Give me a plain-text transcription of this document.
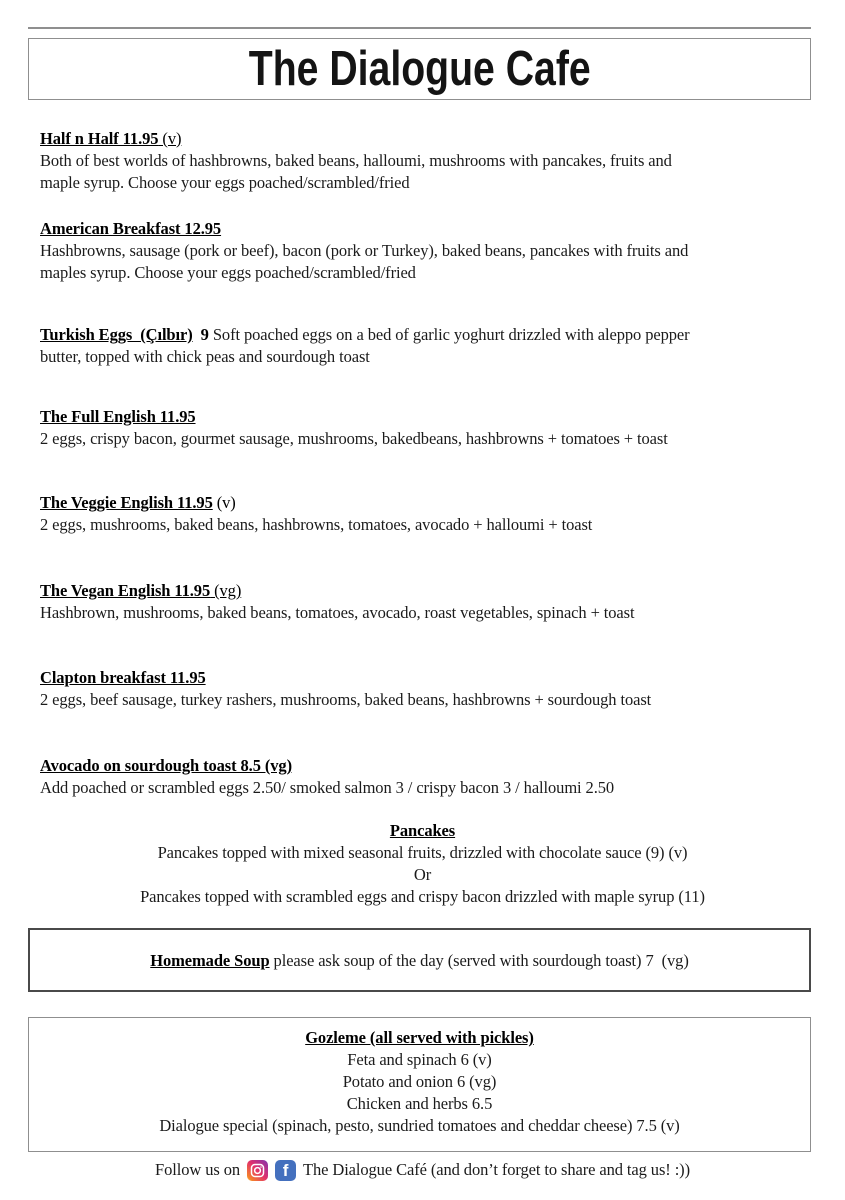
The Dialogue Cafe
Half n Half 11.95 (v)
Both of best worlds of hashbrowns, baked beans, halloumi, mushrooms with pancakes, fruits and
maple syrup. Choose your eggs poached/scrambled/fried
American Breakfast 12.95
Hashbrowns, sausage (pork or beef), bacon (pork or Turkey), baked beans, pancakes with fruits and
maples syrup. Choose your eggs poached/scrambled/fried
Turkish Eggs  (Çılbır)  9 Soft poached eggs on a bed of garlic yoghurt drizzled with aleppo pepper
butter, topped with chick peas and sourdough toast
The Full English 11.95
2 eggs, crispy bacon, gourmet sausage, mushrooms, bakedbeans, hashbrowns + tomatoes + toast
The Veggie English 11.95 (v)
2 eggs, mushrooms, baked beans, hashbrowns, tomatoes, avocado + halloumi + toast
The Vegan English 11.95 (vg)
Hashbrown, mushrooms, baked beans, tomatoes, avocado, roast vegetables, spinach + toast
Clapton breakfast 11.95
2 eggs, beef sausage, turkey rashers, mushrooms, baked beans, hashbrowns + sourdough toast
Avocado on sourdough toast 8.5 (vg)
Add poached or scrambled eggs 2.50/ smoked salmon 3 / crispy bacon 3 / halloumi 2.50
Pancakes
Pancakes topped with mixed seasonal fruits, drizzled with chocolate sauce (9) (v)
Or
Pancakes topped with scrambled eggs and crispy bacon drizzled with maple syrup (11)
Homemade Soup please ask soup of the day (served with sourdough toast) 7  (vg)
Gozleme (all served with pickles)
Feta and spinach 6 (v)
Potato and onion 6 (vg)
Chicken and herbs 6.5
Dialogue special (spinach, pesto, sundried tomatoes and cheddar cheese) 7.5 (v)
Follow us on	f The Dialogue Café (and don’t forget to share and tag us! :))
